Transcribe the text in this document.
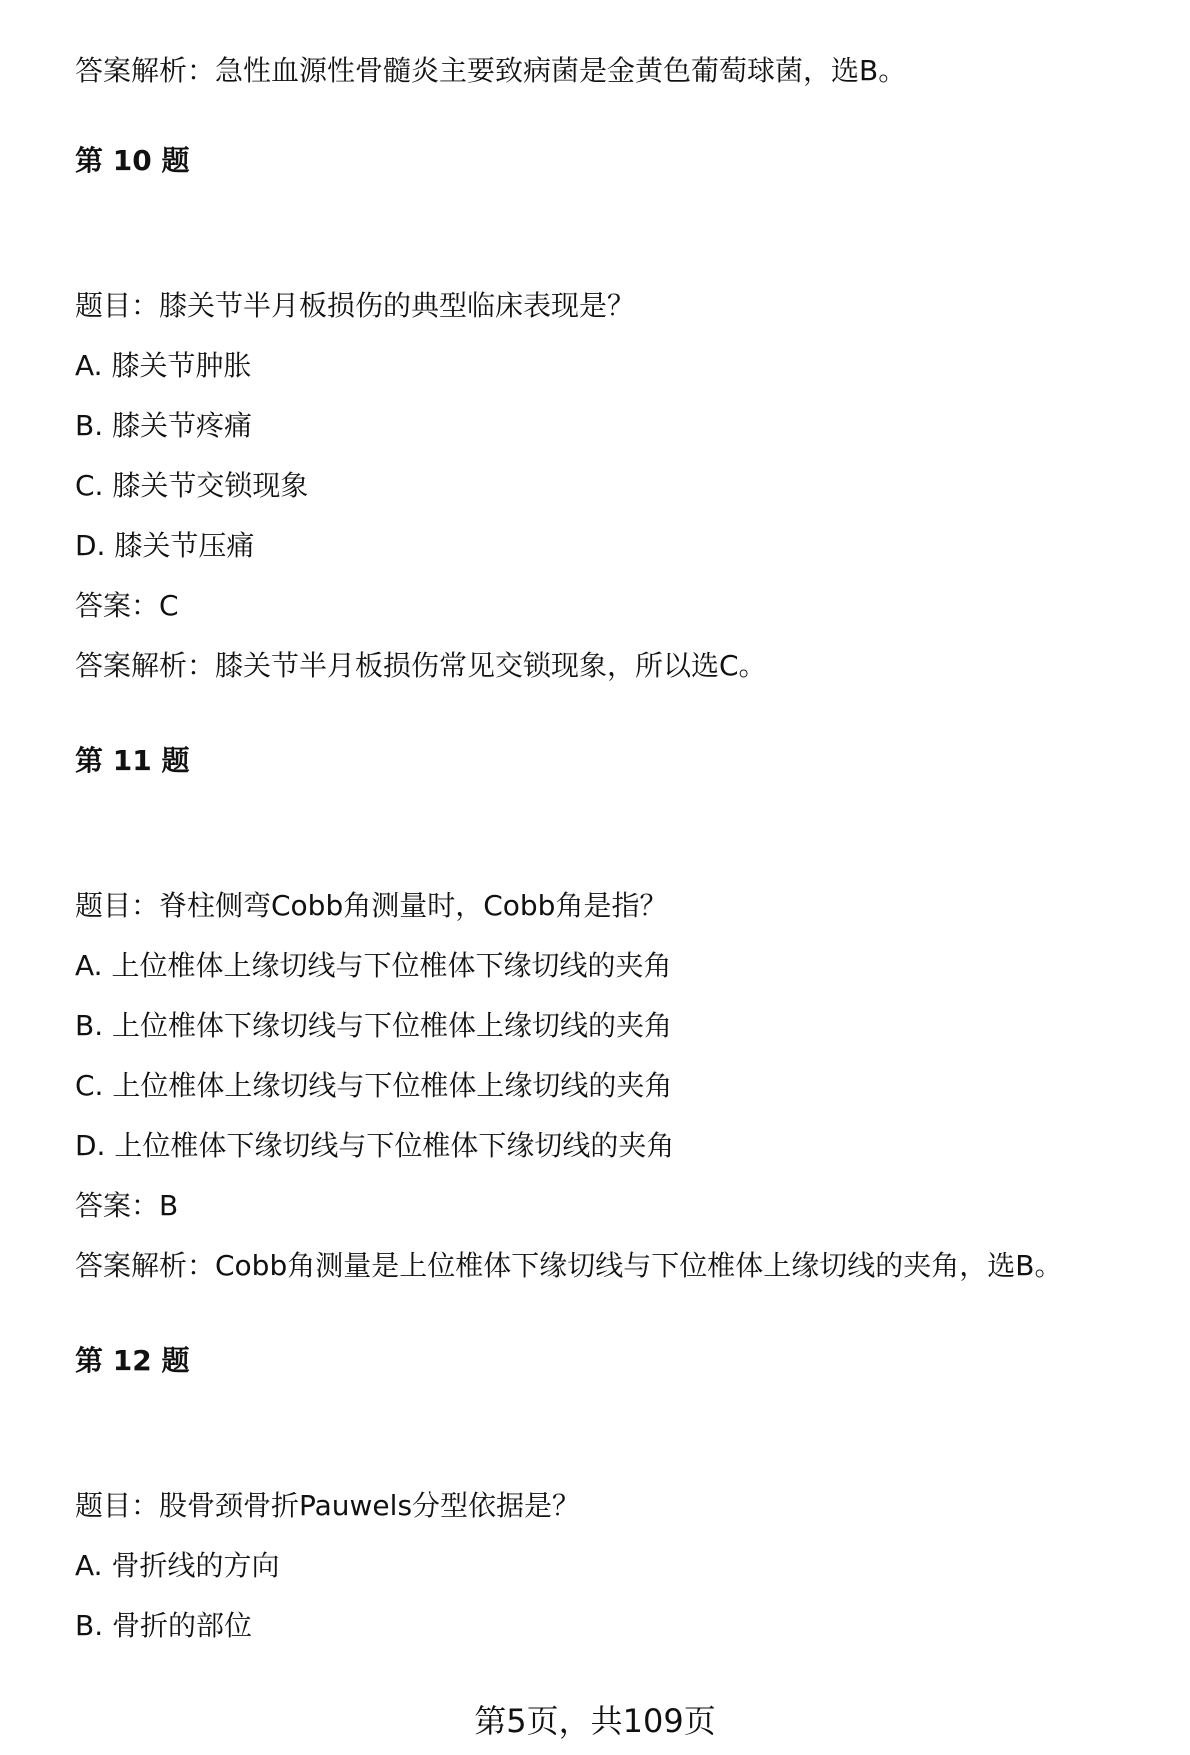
答案解析：急性血源性骨髓炎主要致病菌是金黄色葡萄球菌，选B。
第 10 题
题目：膝关节半月板损伤的典型临床表现是？
A. 膝关节肿胀
B. 膝关节疼痛
C. 膝关节交锁现象
D. 膝关节压痛
答案：C
答案解析：膝关节半月板损伤常见交锁现象，所以选C。
第 11 题
题目：脊柱侧弯Cobb角测量时，Cobb角是指？
A. 上位椎体上缘切线与下位椎体下缘切线的夹角
B. 上位椎体下缘切线与下位椎体上缘切线的夹角
C. 上位椎体上缘切线与下位椎体上缘切线的夹角
D. 上位椎体下缘切线与下位椎体下缘切线的夹角
答案：B
答案解析：Cobb角测量是上位椎体下缘切线与下位椎体上缘切线的夹角，选B。
第 12 题
题目：股骨颈骨折Pauwels分型依据是？
A. 骨折线的方向
B. 骨折的部位
第5页，共109页
